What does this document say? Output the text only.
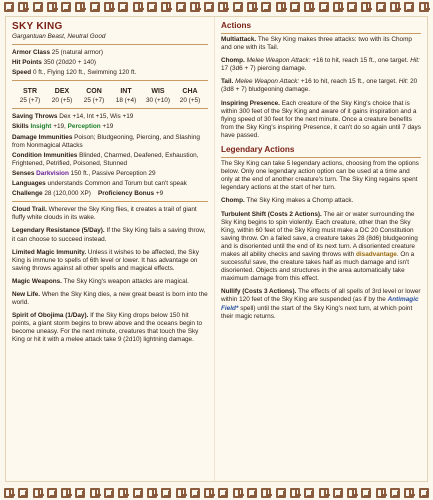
SKY KING
Gargantuan Beast, Neutral Good
Armor Class 25 (natural armor)
Hit Points 350 (20d20 + 140)
Speed 0 ft., Flying 120 ft., Swimming 120 ft.
STR
25 (+7)
DEX
20 (+5)
CON
25 (+7)
INT
18 (+4)
WIS
30 (+10)
CHA
20 (+5)
Saving Throws Dex +14, Int +15, Wis +19
Skills Insight +19, Perception +19
Damage Immunities Poison; Bludgeoning, Piercing, and Slashing from Nonmagical Attacks
Condition Immunities Blinded, Charmed, Deafened, Exhaustion, Frightened, Petrified, Poisoned, Stunned
Senses Darkvision 150 ft., Passive Perception 29
Languages understands Common and Torum but can't speak
Challenge 28 (120,000 XP) Proficiency Bonus +9
Cloud Trail. Wherever the Sky King flies, it creates a trail of giant fluffy white clouds in its wake.
Legendary Resistance (5/Day). If the Sky King fails a saving throw, it can choose to succeed instead.
Limited Magic Immunity. Unless it wishes to be affected, the Sky King is immune to spells of 6th level or lower. It has advantage on saving throws against all other spells and magical effects.
Magic Weapons. The Sky King's weapon attacks are magical.
New Life. When the Sky King dies, a new great beast is born into the world.
Spirit of Obojima (1/Day). If the Sky King drops below 150 hit points, a giant storm begins to brew above and the oceans begin to become uneasy. For the next minute, creatures that touch the Sky King or hit it with a melee attack take 9 (2d10) lightning damage.
Actions
Multiattack. The Sky King makes three attacks: two with its Chomp and one with its Tail.
Chomp. Melee Weapon Attack: +16 to hit, reach 15 ft., one target. Hit: 17 (3d6 + 7) piercing damage.
Tail. Melee Weapon Attack: +16 to hit, reach 15 ft., one target. Hit: 20 (3d8 + 7) bludgeoning damage.
Inspiring Presence. Each creature of the Sky King's choice that is within 300 feet of the Sky King and aware of it gains inspiration and a flying speed of 30 feet for the next minute. Once a creature benefits from the Sky King's inspiring Presence, it can't do so again until 7 days have passed.
Legendary Actions
The Sky King can take 5 legendary actions, choosing from the options below. Only one legendary action option can be used at a time and only at the end of another creature's turn. The Sky King regains spent legendary actions at the start of her turn.
Chomp. The Sky King makes a Chomp attack.
Turbulent Shift (Costs 2 Actions). The air or water surrounding the Sky King begins to spin violently. Each creature, other than the Sky King, within 60 feet of the Sky King must make a DC 20 Constitution saving throw. On a failed save, a creature takes 28 (8d6) bludgeoning and is disoriented until the end of its next turn. A disoriented creature makes all ability checks and saving throws with disadvantage. On a successful save, the creature takes half as much damage and isn't disoriented. Objects and structures in the area automatically take maximum damage from this effect.
Nullify (Costs 3 Actions). The effects of all spells of 3rd level or lower within 120 feet of the Sky King are suspended (as if by the Antimagic Field* spell) until the start of the Sky King's next turn, at which point their magic returns.
